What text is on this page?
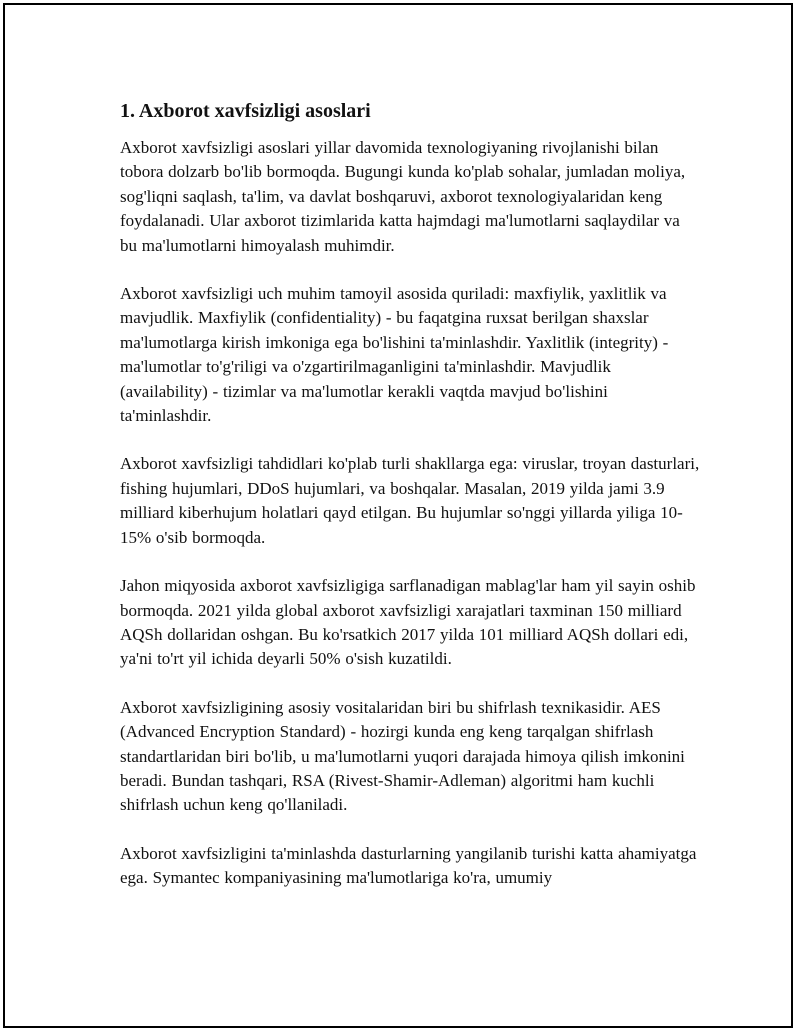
1. Axborot xavfsizligi asoslari

Axborot xavfsizligi asoslari yillar davomida texnologiyaning rivojlanishi bilan tobora dolzarb bo'lib bormoqda. Bugungi kunda ko'plab sohalar, jumladan moliya, sog'liqni saqlash, ta'lim, va davlat boshqaruvi, axborot texnologiyalaridan keng foydalanadi. Ular axborot tizimlarida katta hajmdagi ma'lumotlarni saqlaydilar va bu ma'lumotlarni himoyalash muhimdir.

Axborot xavfsizligi uch muhim tamoyil asosida quriladi: maxfiylik, yaxlitlik va mavjudlik. Maxfiylik (confidentiality) - bu faqatgina ruxsat berilgan shaxslar ma'lumotlarga kirish imkoniga ega bo'lishini ta'minlashdir. Yaxlitlik (integrity) - ma'lumotlar to'g'riligi va o'zgartirilmaganligini ta'minlashdir. Mavjudlik (availability) - tizimlar va ma'lumotlar kerakli vaqtda mavjud bo'lishini ta'minlashdir.

Axborot xavfsizligi tahdidlari ko'plab turli shakllarga ega: viruslar, troyan dasturlari, fishing hujumlari, DDoS hujumlari, va boshqalar. Masalan, 2019 yilda jami 3.9 milliard kiberhujum holatlari qayd etilgan. Bu hujumlar so'nggi yillarda yiliga 10-15% o'sib bormoqda.

Jahon miqyosida axborot xavfsizligiga sarflanadigan mablag'lar ham yil sayin oshib bormoqda. 2021 yilda global axborot xavfsizligi xarajatlari taxminan 150 milliard AQSh dollaridan oshgan. Bu ko'rsatkich 2017 yilda 101 milliard AQSh dollari edi, ya'ni to'rt yil ichida deyarli 50% o'sish kuzatildi.

Axborot xavfsizligining asosiy vositalaridan biri bu shifrlash texnikasidir. AES (Advanced Encryption Standard) - hozirgi kunda eng keng tarqalgan shifrlash standartlaridan biri bo'lib, u ma'lumotlarni yuqori darajada himoya qilish imkonini beradi. Bundan tashqari, RSA (Rivest-Shamir-Adleman) algoritmi ham kuchli shifrlash uchun keng qo'llaniladi.

Axborot xavfsizligini ta'minlashda dasturlarning yangilanib turishi katta ahamiyatga ega. Symantec kompaniyasining ma'lumotlariga ko'ra, umumiy
